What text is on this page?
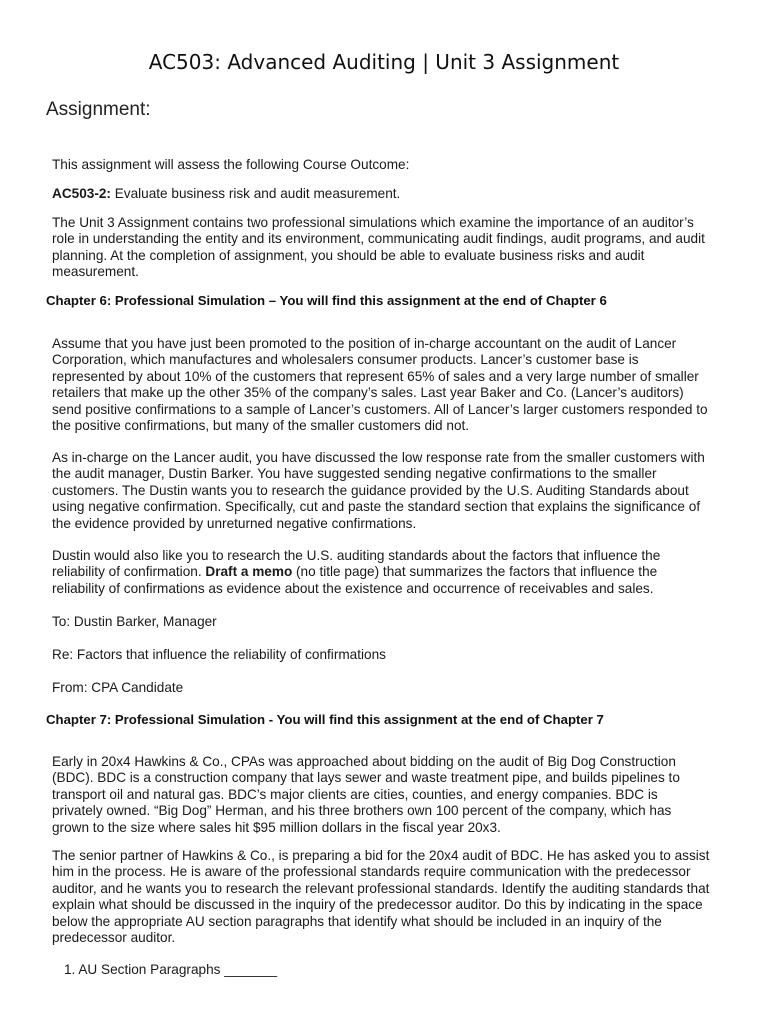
AC503: Advanced Auditing | Unit 3 Assignment
Assignment:

This assignment will assess the following Course Outcome:

AC503-2: Evaluate business risk and audit measurement.

The Unit 3 Assignment contains two professional simulations which examine the importance of an auditor’s role in understanding the entity and its environment, communicating audit findings, audit programs, and audit planning. At the completion of assignment, you should be able to evaluate business risks and audit measurement.

Chapter 6: Professional Simulation – You will find this assignment at the end of Chapter 6

Assume that you have just been promoted to the position of in-charge accountant on the audit of Lancer Corporation, which manufactures and wholesalers consumer products. Lancer’s customer base is represented by about 10% of the customers that represent 65% of sales and a very large number of smaller retailers that make up the other 35% of the company’s sales. Last year Baker and Co. (Lancer’s auditors) send positive confirmations to a sample of Lancer’s customers. All of Lancer’s larger customers responded to the positive confirmations, but many of the smaller customers did not.

As in-charge on the Lancer audit, you have discussed the low response rate from the smaller customers with the audit manager, Dustin Barker. You have suggested sending negative confirmations to the smaller customers. The Dustin wants you to research the guidance provided by the U.S. Auditing Standards about using negative confirmation. Specifically, cut and paste the standard section that explains the significance of the evidence provided by unreturned negative confirmations.

Dustin would also like you to research the U.S. auditing standards about the factors that influence the reliability of confirmation. Draft a memo (no title page) that summarizes the factors that influence the reliability of confirmations as evidence about the existence and occurrence of receivables and sales.

To: Dustin Barker, Manager

Re: Factors that influence the reliability of confirmations

From: CPA Candidate

Chapter 7: Professional Simulation - You will find this assignment at the end of Chapter 7

Early in 20x4 Hawkins & Co., CPAs was approached about bidding on the audit of Big Dog Construction (BDC). BDC is a construction company that lays sewer and waste treatment pipe, and builds pipelines to transport oil and natural gas. BDC’s major clients are cities, counties, and energy companies. BDC is privately owned. “Big Dog” Herman, and his three brothers own 100 percent of the company, which has grown to the size where sales hit $95 million dollars in the fiscal year 20x3.

The senior partner of Hawkins & Co., is preparing a bid for the 20x4 audit of BDC. He has asked you to assist him in the process. He is aware of the professional standards require communication with the predecessor auditor, and he wants you to research the relevant professional standards. Identify the auditing standards that explain what should be discussed in the inquiry of the predecessor auditor. Do this by indicating in the space below the appropriate AU section paragraphs that identify what should be included in an inquiry of the predecessor auditor.

1. AU Section Paragraphs _______
